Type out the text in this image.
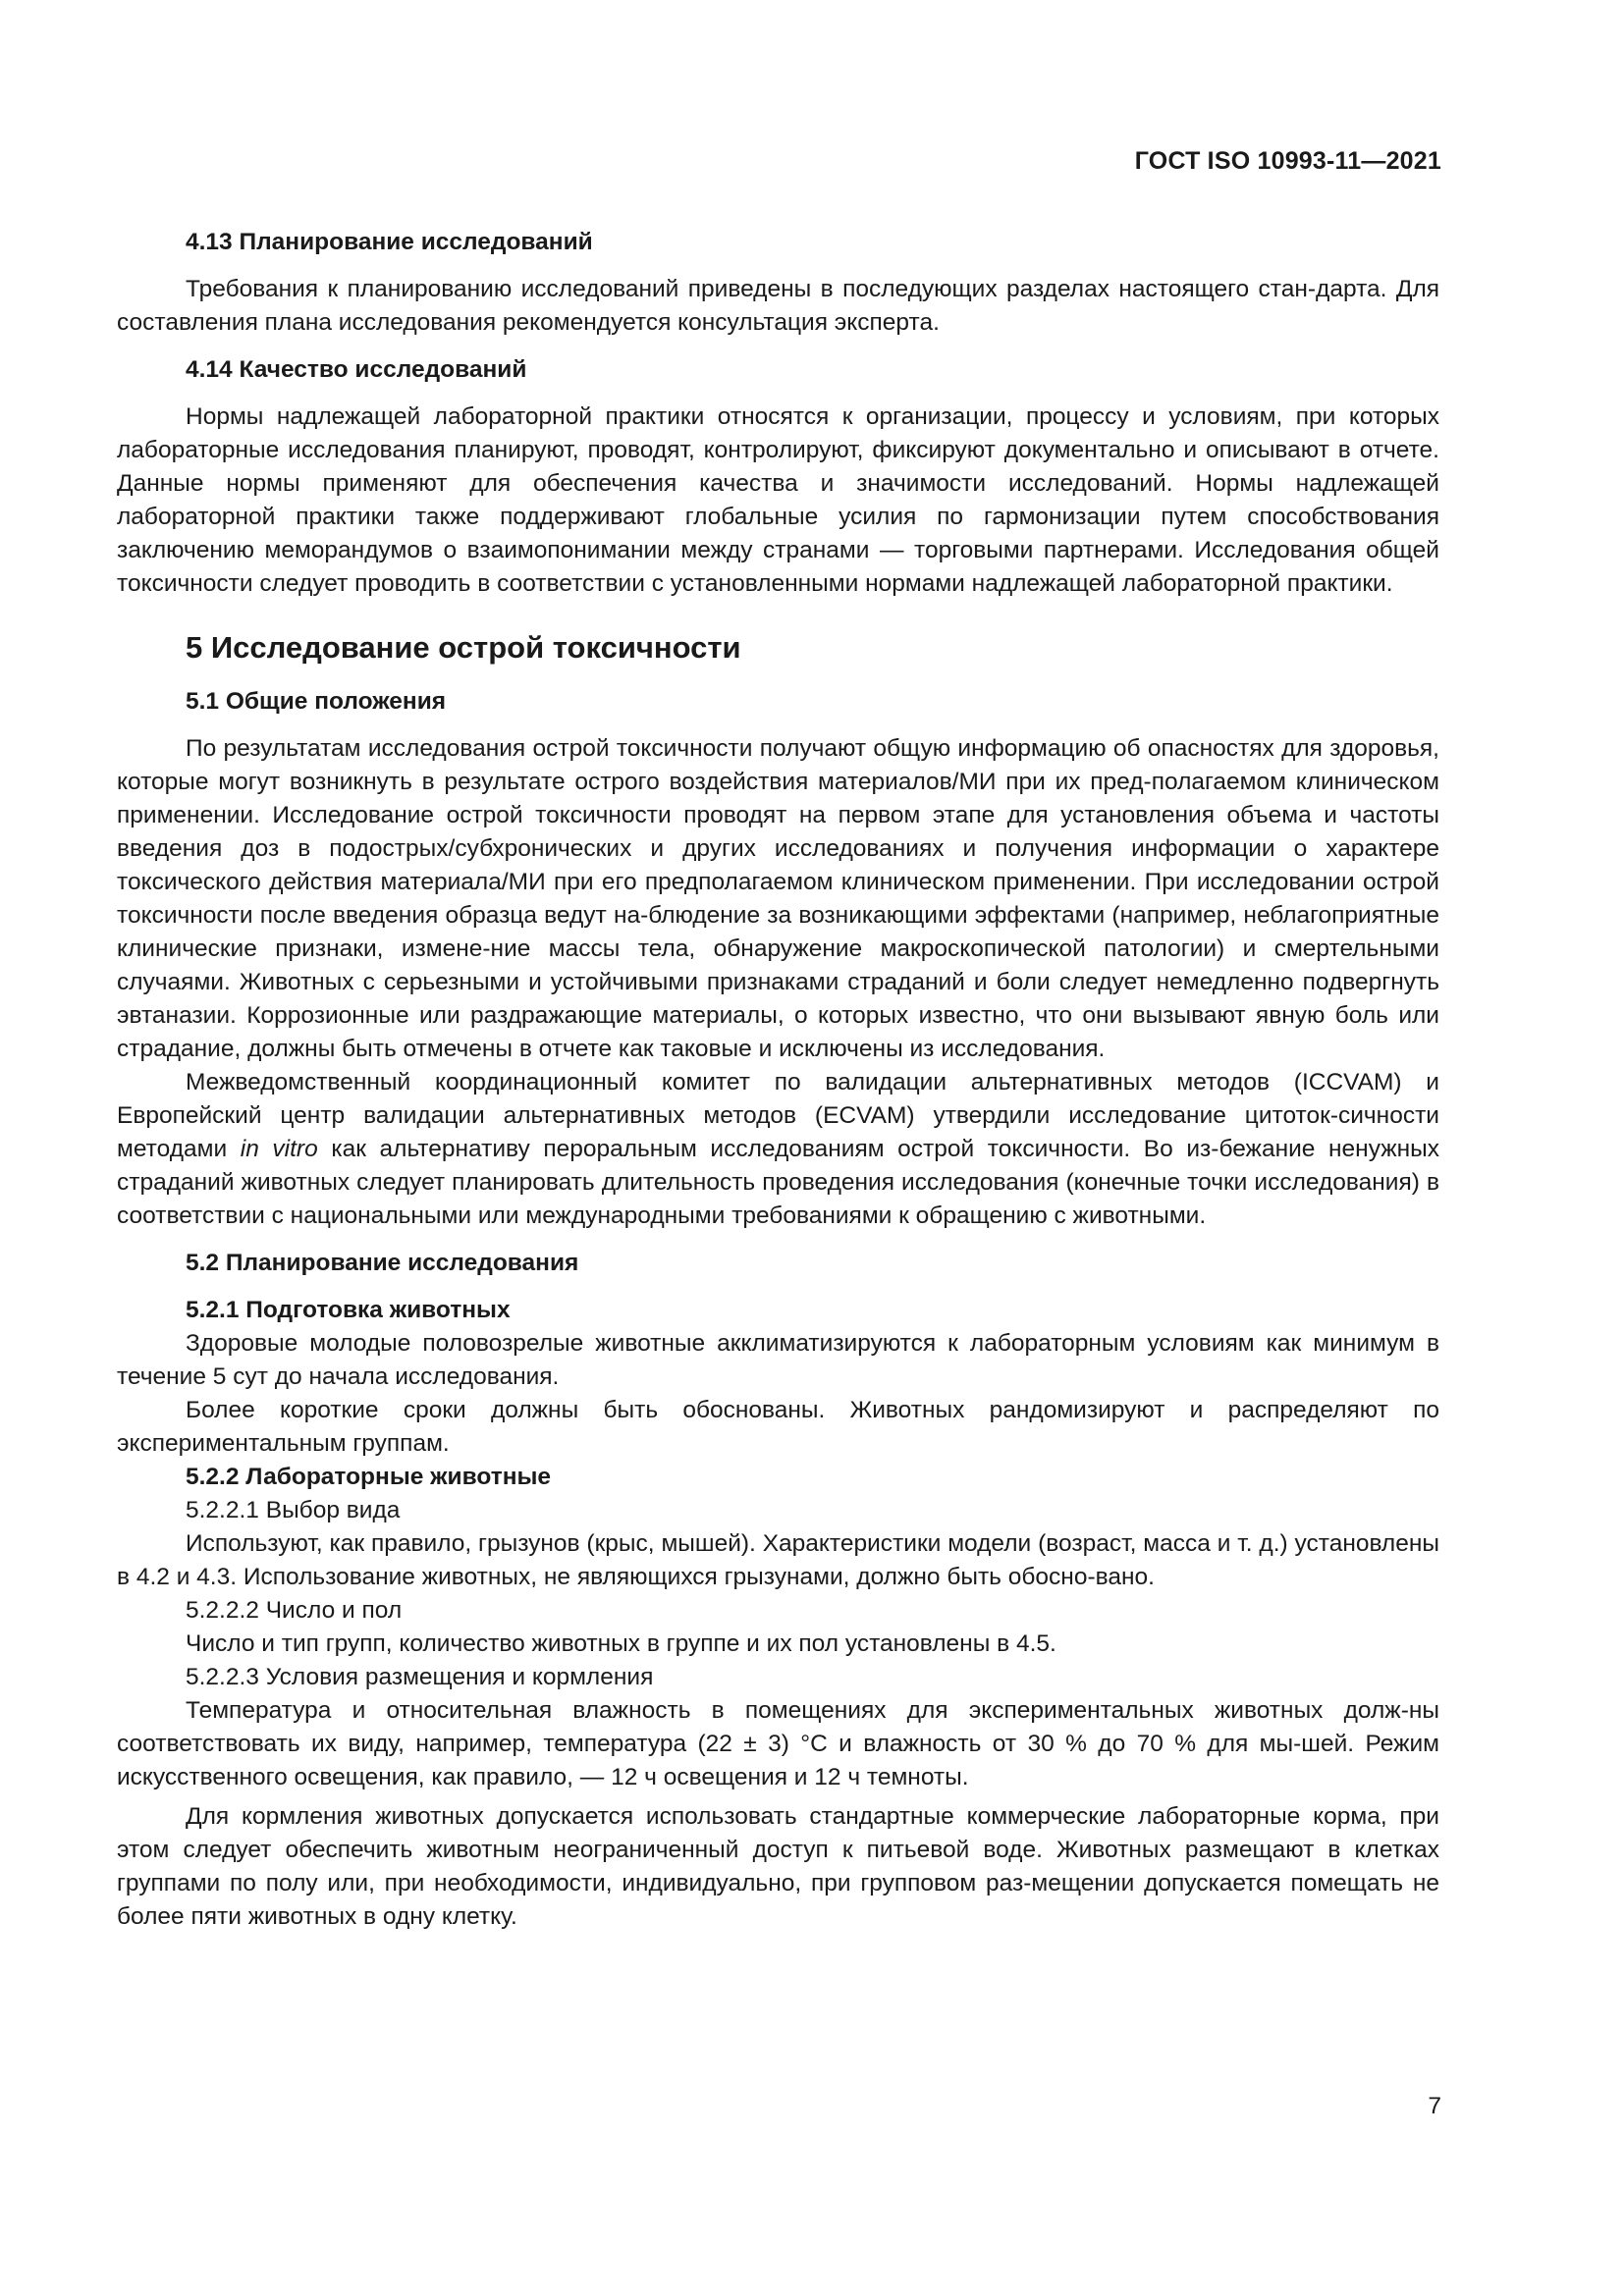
ГОСТ ISO 10993-11—2021
4.13 Планирование исследований

Требования к планированию исследований приведены в последующих разделах настоящего стан-дарта. Для составления плана исследования рекомендуется консультация эксперта.

4.14 Качество исследований

Нормы надлежащей лабораторной практики относятся к организации, процессу и условиям, при которых лабораторные исследования планируют, проводят, контролируют, фиксируют документально и описывают в отчете. Данные нормы применяют для обеспечения качества и значимости исследований. Нормы надлежащей лабораторной практики также поддерживают глобальные усилия по гармонизации путем способствования заключению меморандумов о взаимопонимании между странами — торговыми партнерами. Исследования общей токсичности следует проводить в соответствии с установленными нормами надлежащей лабораторной практики.

5 Исследование острой токсичности
5.1 Общие положения

По результатам исследования острой токсичности получают общую информацию об опасностях для здоровья, которые могут возникнуть в результате острого воздействия материалов/МИ при их пред-полагаемом клиническом применении. Исследование острой токсичности проводят на первом этапе для установления объема и частоты введения доз в подострых/субхронических и других исследованиях и получения информации о характере токсического действия материала/МИ при его предполагаемом клиническом применении. При исследовании острой токсичности после введения образца ведут на-блюдение за возникающими эффектами (например, неблагоприятные клинические признаки, измене-ние массы тела, обнаружение макроскопической патологии) и смертельными случаями. Животных с серьезными и устойчивыми признаками страданий и боли следует немедленно подвергнуть эвтаназии. Коррозионные или раздражающие материалы, о которых известно, что они вызывают явную боль или страдание, должны быть отмечены в отчете как таковые и исключены из исследования.

Межведомственный координационный комитет по валидации альтернативных методов (ICCVAM) и Европейский центр валидации альтернативных методов (ECVAM) утвердили исследование цитоток-сичности методами in vitro как альтернативу пероральным исследованиям острой токсичности. Во из-бежание ненужных страданий животных следует планировать длительность проведения исследования (конечные точки исследования) в соответствии с национальными или международными требованиями к обращению с животными.

5.2 Планирование исследования
5.2.1 Подготовка животных

Здоровые молодые половозрелые животные акклиматизируются к лабораторным условиям как минимум в течение 5 сут до начала исследования.

Более короткие сроки должны быть обоснованы. Животных рандомизируют и распределяют по экспериментальным группам.

5.2.2 Лабораторные животные
5.2.2.1 Выбор вида

Используют, как правило, грызунов (крыс, мышей). Характеристики модели (возраст, масса и т. д.) установлены в 4.2 и 4.3. Использование животных, не являющихся грызунами, должно быть обосно-вано.

5.2.2.2 Число и пол

Число и тип групп, количество животных в группе и их пол установлены в 4.5.

5.2.2.3 Условия размещения и кормления

Температура и относительная влажность в помещениях для экспериментальных животных долж-ны соответствовать их виду, например, температура (22 ± 3) °С и влажность от 30 % до 70 % для мы-шей. Режим искусственного освещения, как правило, — 12 ч освещения и 12 ч темноты.

Для кормления животных допускается использовать стандартные коммерческие лабораторные корма, при этом следует обеспечить животным неограниченный доступ к питьевой воде. Животных размещают в клетках группами по полу или, при необходимости, индивидуально, при групповом раз-мещении допускается помещать не более пяти животных в одну клетку.

7
